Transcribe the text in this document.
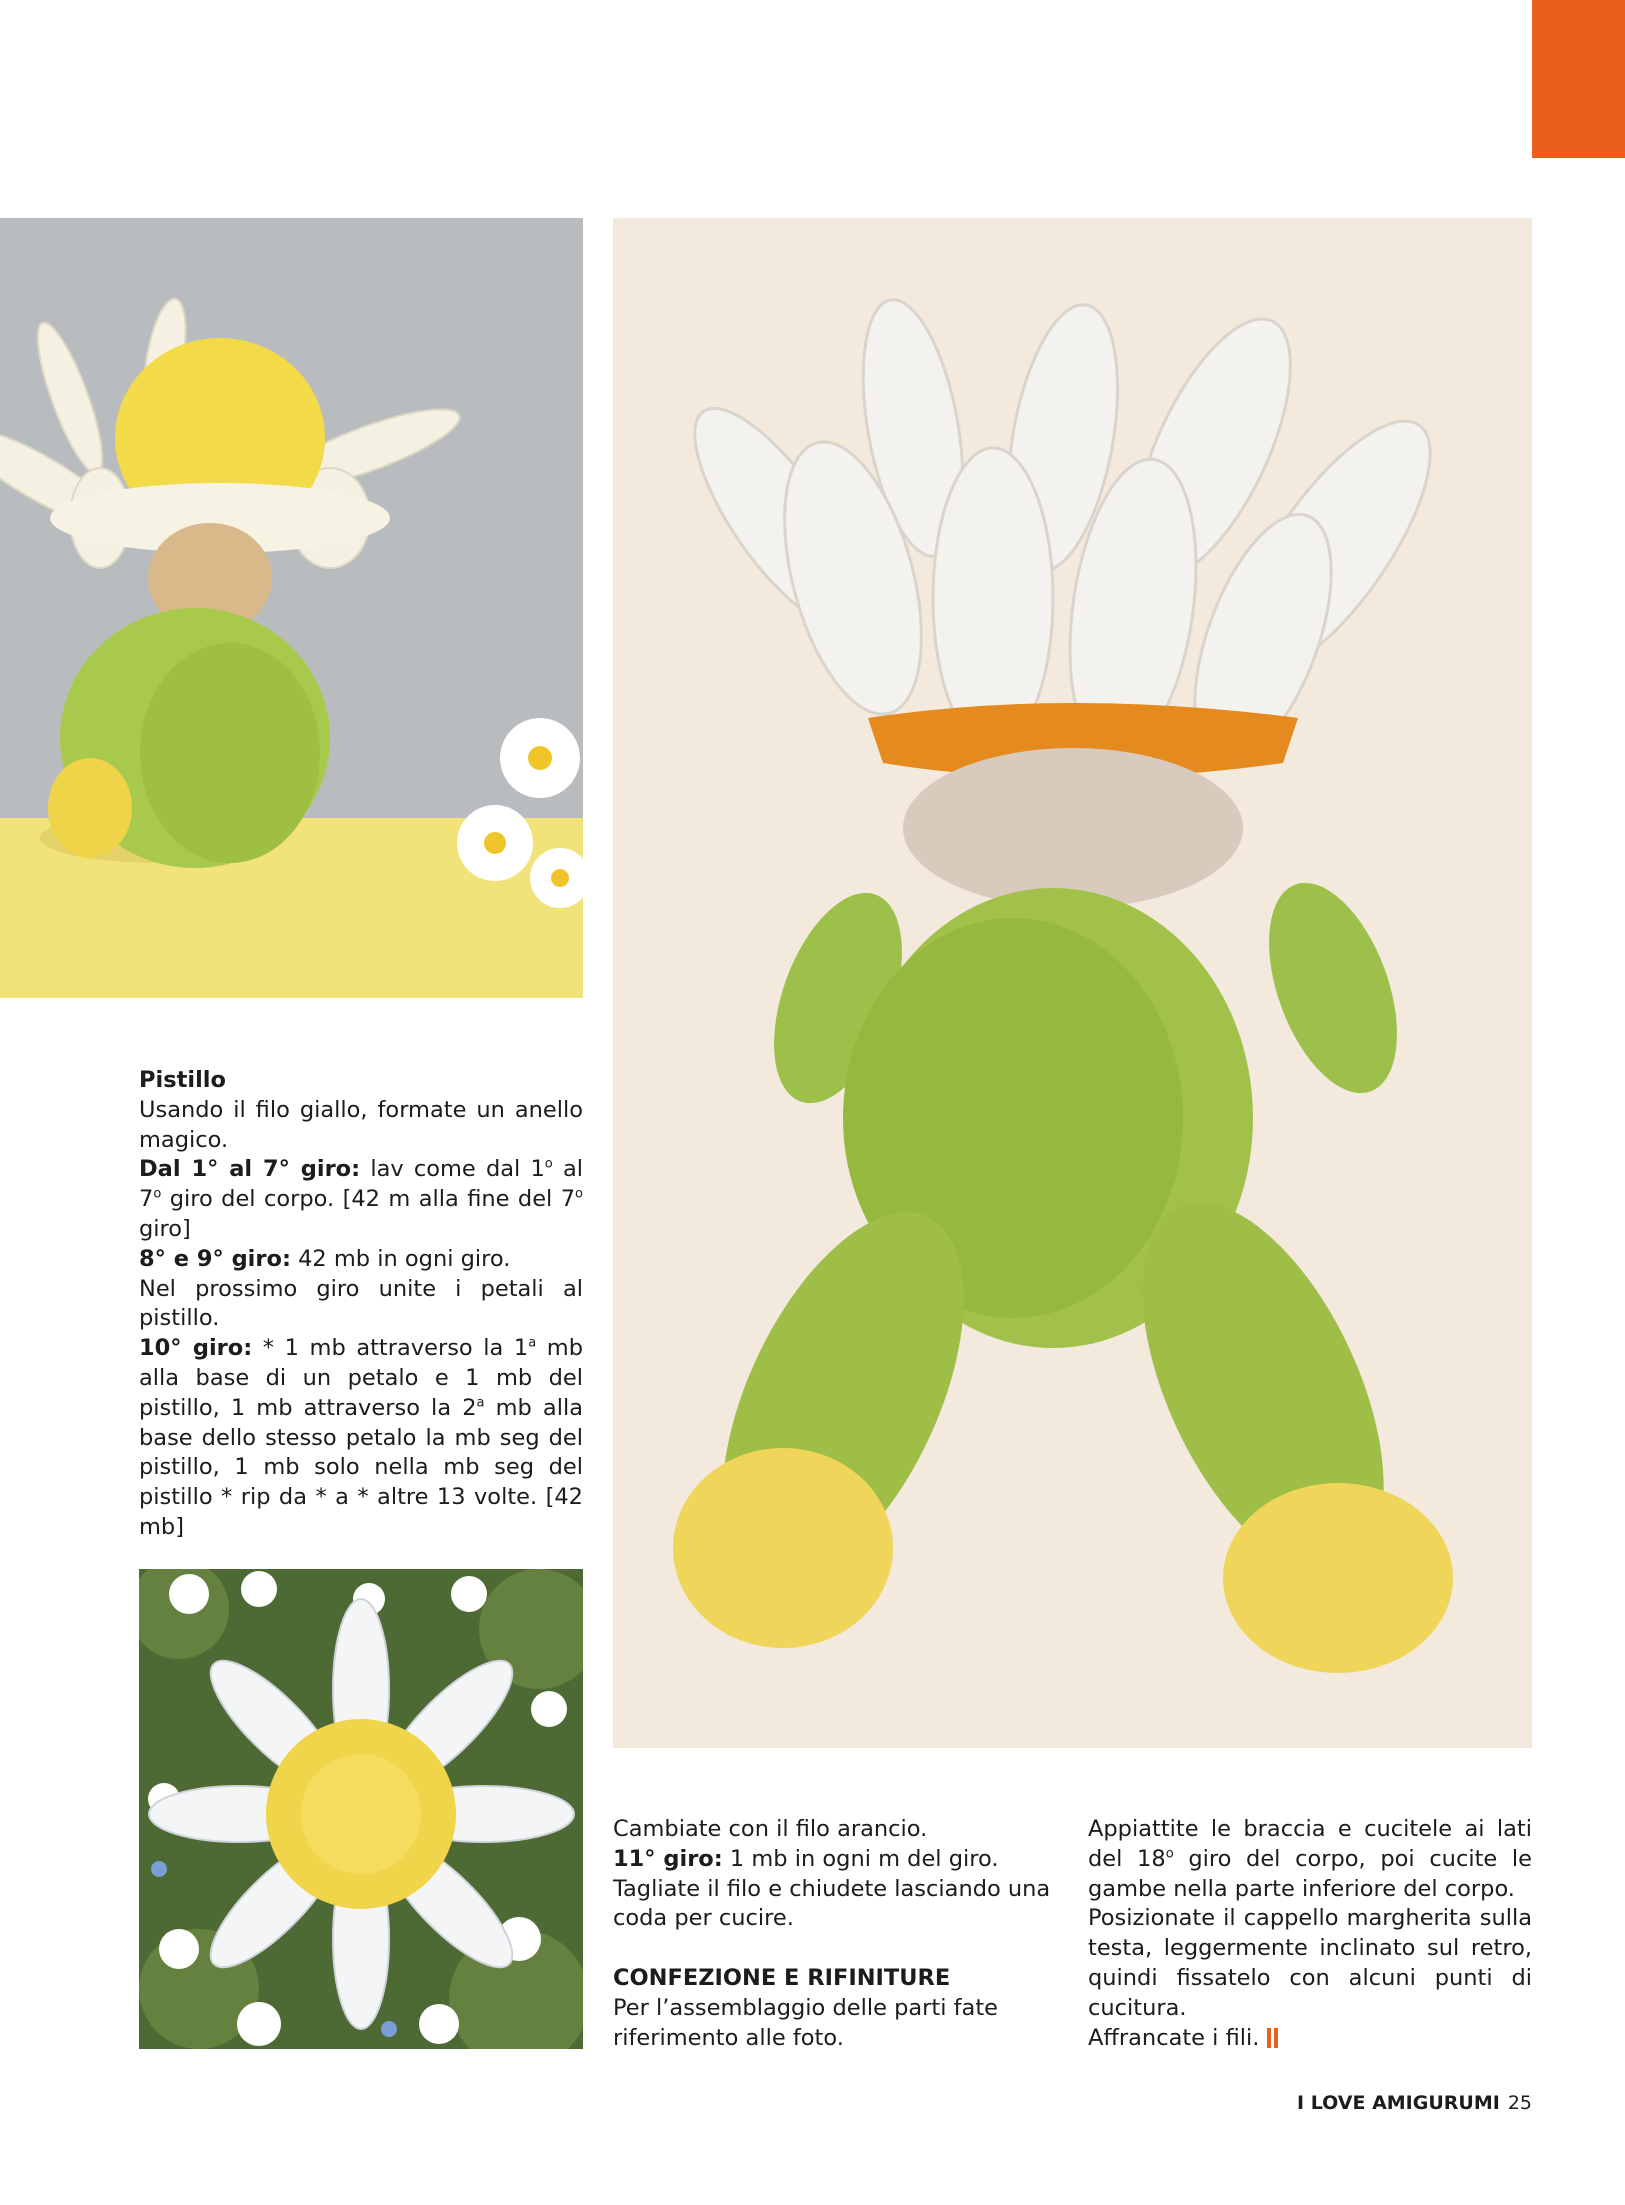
Pistillo

Usando il filo giallo, formate un anello magico.

Dal 1° al 7° giro: lav come dal 1$^o$ al 7$^o$ giro del corpo. [42 m alla fine del 7$^o$ giro]

8° e 9° giro: 42 mb in ogni giro.

Nel prossimo giro unite i petali al pistillo.

10° giro: * 1 mb attraverso la 1$^a$ mb alla base di un petalo e 1 mb del pistillo, 1 mb attraverso la 2$^a$ mb alla base dello stesso petalo la mb seg del pistillo, 1 mb solo nella mb seg del pistillo * rip da * a * altre 13 volte. [42 mb]

Cambiate con il filo arancio.

11° giro: 1 mb in ogni m del giro.

Tagliate il filo e chiudete lasciando una coda per cucire.

CONFEZIONE E RIFINITURE

Per l’assemblaggio delle parti fate riferimento alle foto.

Appiattite le braccia e cucitele ai lati del 18$^o$ giro del corpo, poi cucite le gambe nella parte inferiore del corpo.

Posizionate il cappello margherita sulla testa, leggermente inclinato sul retro, quindi fissatelo con alcuni punti di cucitura.

Affrancate i fili.

I LOVE AMIGURUMI 25
